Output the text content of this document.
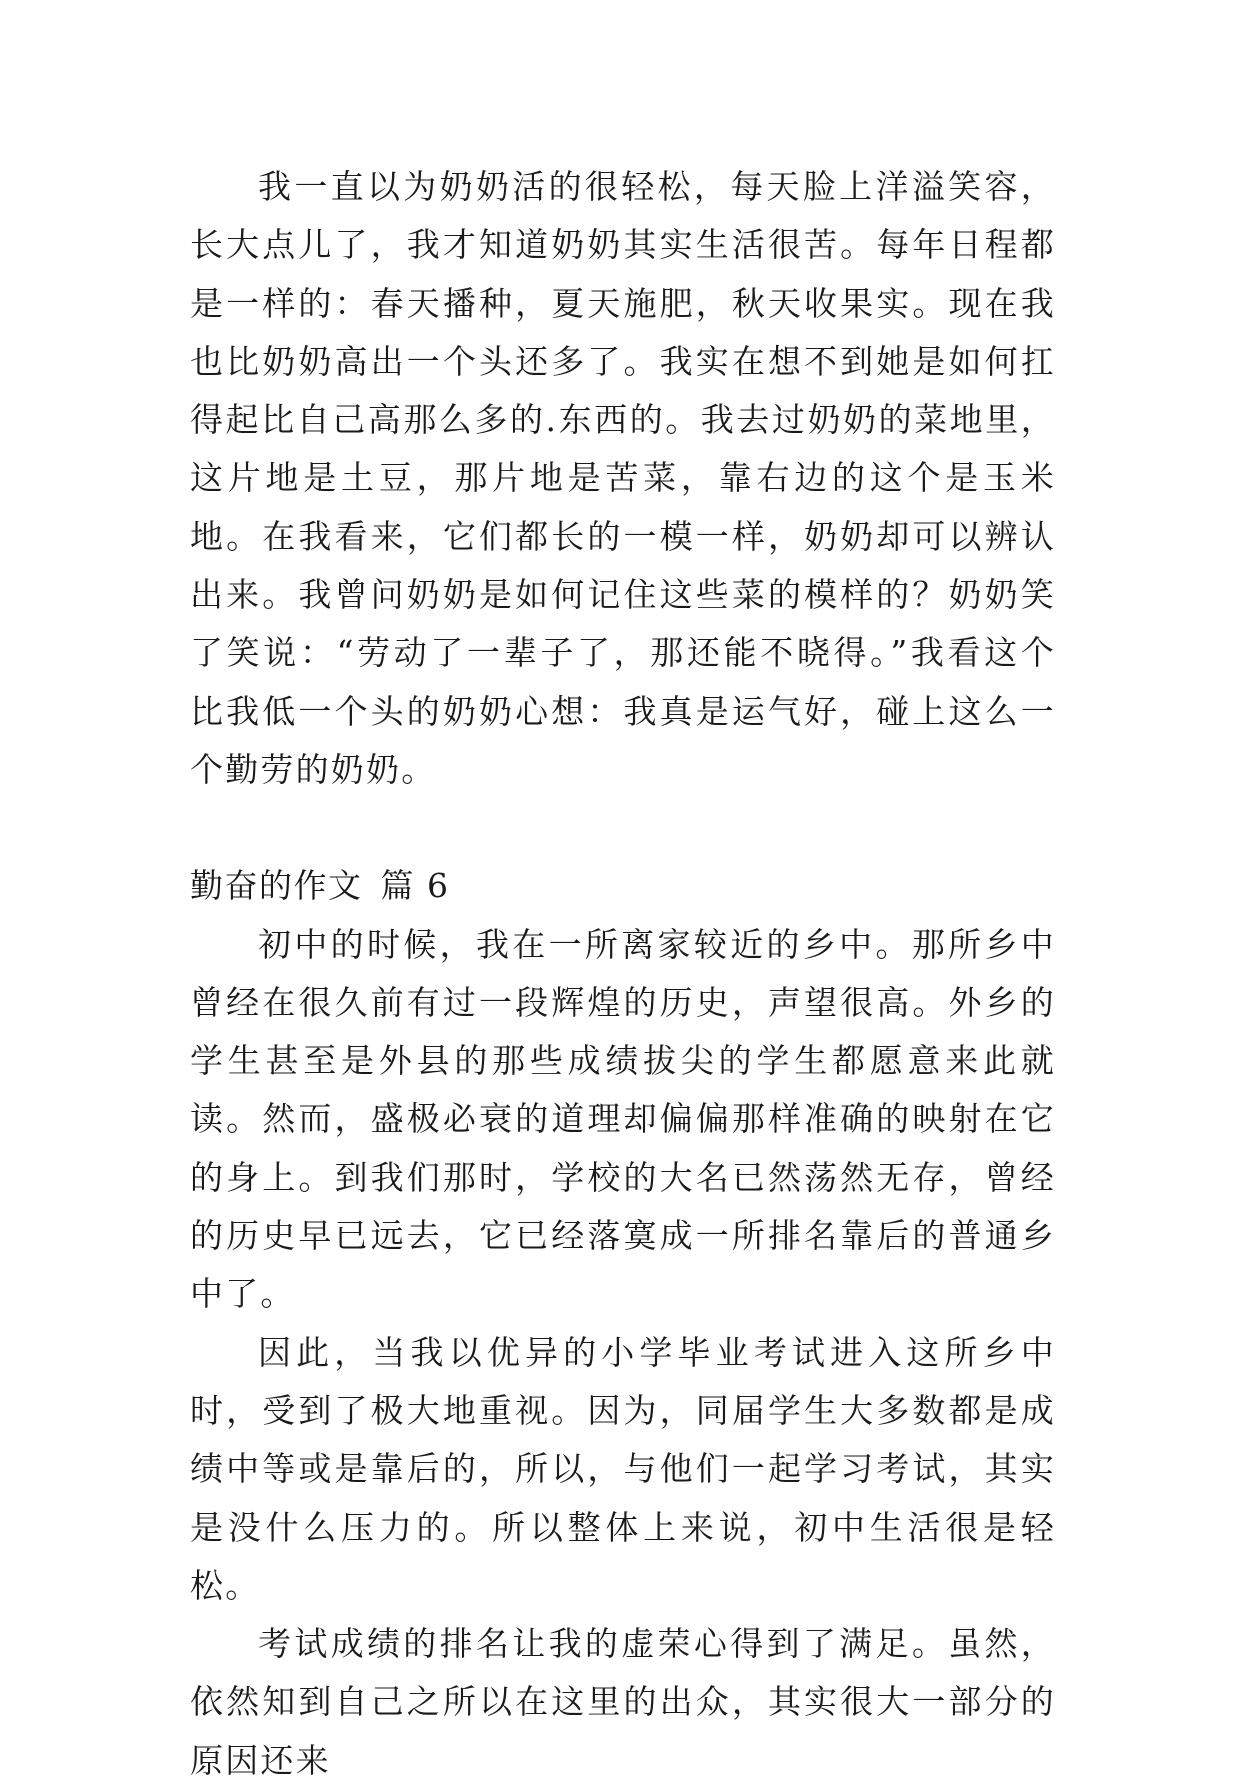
我一直以为奶奶活的很轻松，每天脸上洋溢笑容，长大点儿了，我才知道奶奶其实生活很苦。每年日程都是一样的：春天播种，夏天施肥，秋天收果实。现在我也比奶奶高出一个头还多了。我实在想不到她是如何扛得起比自己高那么多的.东西的。我去过奶奶的菜地里，这片地是土豆，那片地是苦菜，靠右边的这个是玉米地。在我看来，它们都长的一模一样，奶奶却可以辨认出来。我曾问奶奶是如何记住这些菜的模样的？奶奶笑了笑说：“劳动了一辈子了，那还能不晓得。”我看这个比我低一个头的奶奶心想：我真是运气好，碰上这么一个勤劳的奶奶。

勤奋的作文 篇 6

初中的时候，我在一所离家较近的乡中。那所乡中曾经在很久前有过一段辉煌的历史，声望很高。外乡的学生甚至是外县的那些成绩拔尖的学生都愿意来此就读。然而，盛极必衰的道理却偏偏那样准确的映射在它的身上。到我们那时，学校的大名已然荡然无存，曾经的历史早已远去，它已经落寞成一所排名靠后的普通乡中了。

因此，当我以优异的小学毕业考试进入这所乡中时，受到了极大地重视。因为，同届学生大多数都是成绩中等或是靠后的，所以，与他们一起学习考试，其实是没什么压力的。所以整体上来说，初中生活很是轻松。

考试成绩的排名让我的虚荣心得到了满足。虽然，依然知到自己之所以在这里的出众，其实很大一部分的原因还来
